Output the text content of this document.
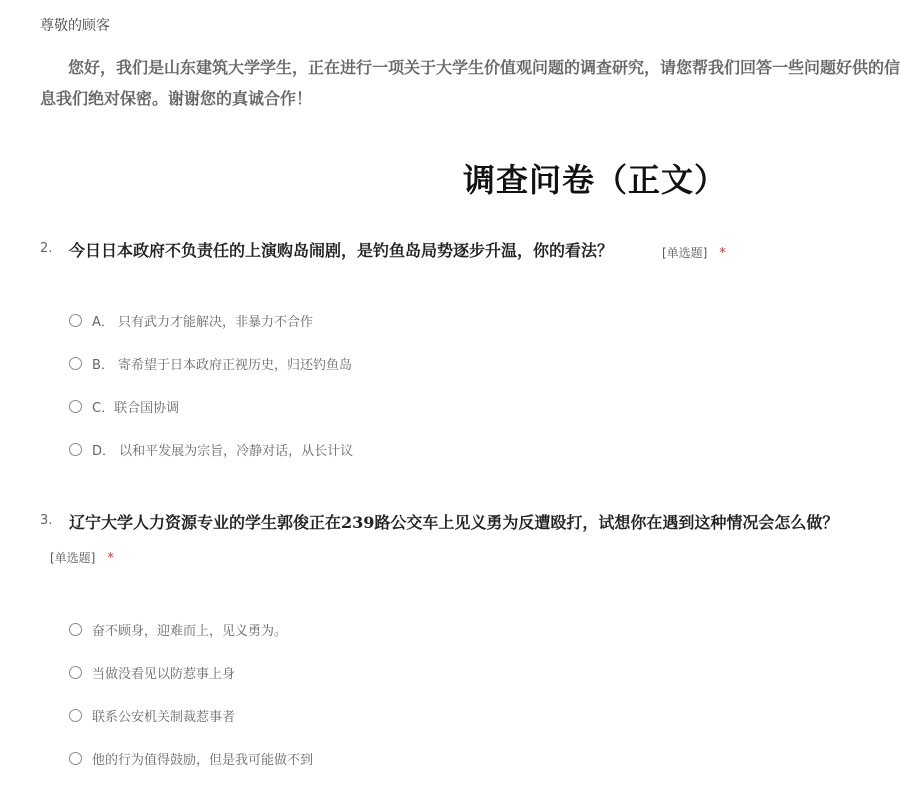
尊敬的顾客
您好，我们是山东建筑大学学生，正在进行一项关于大学生价值观问题的调查研究，请您帮我们回答一些问题好供的信息我们绝对保密。谢谢您的真诚合作！
调查问卷（正文）
2. 今日日本政府不负责任的上演购岛闹剧，是钓鱼岛局势逐步升温，你的看法？	[单选题] *
A． 只有武力才能解决，非暴力不合作
B． 寄希望于日本政府正视历史，归还钓鱼岛
C．联合国协调
D． 以和平发展为宗旨，冷静对话，从长计议
3. 辽宁大学人力资源专业的学生郭俊正在239路公交车上见义勇为反遭殴打，试想你在遇到这种情况会怎么做？
[单选题] *
奋不顾身，迎难而上，见义勇为。
当做没看见以防惹事上身
联系公安机关制裁惹事者
他的行为值得鼓励，但是我可能做不到
